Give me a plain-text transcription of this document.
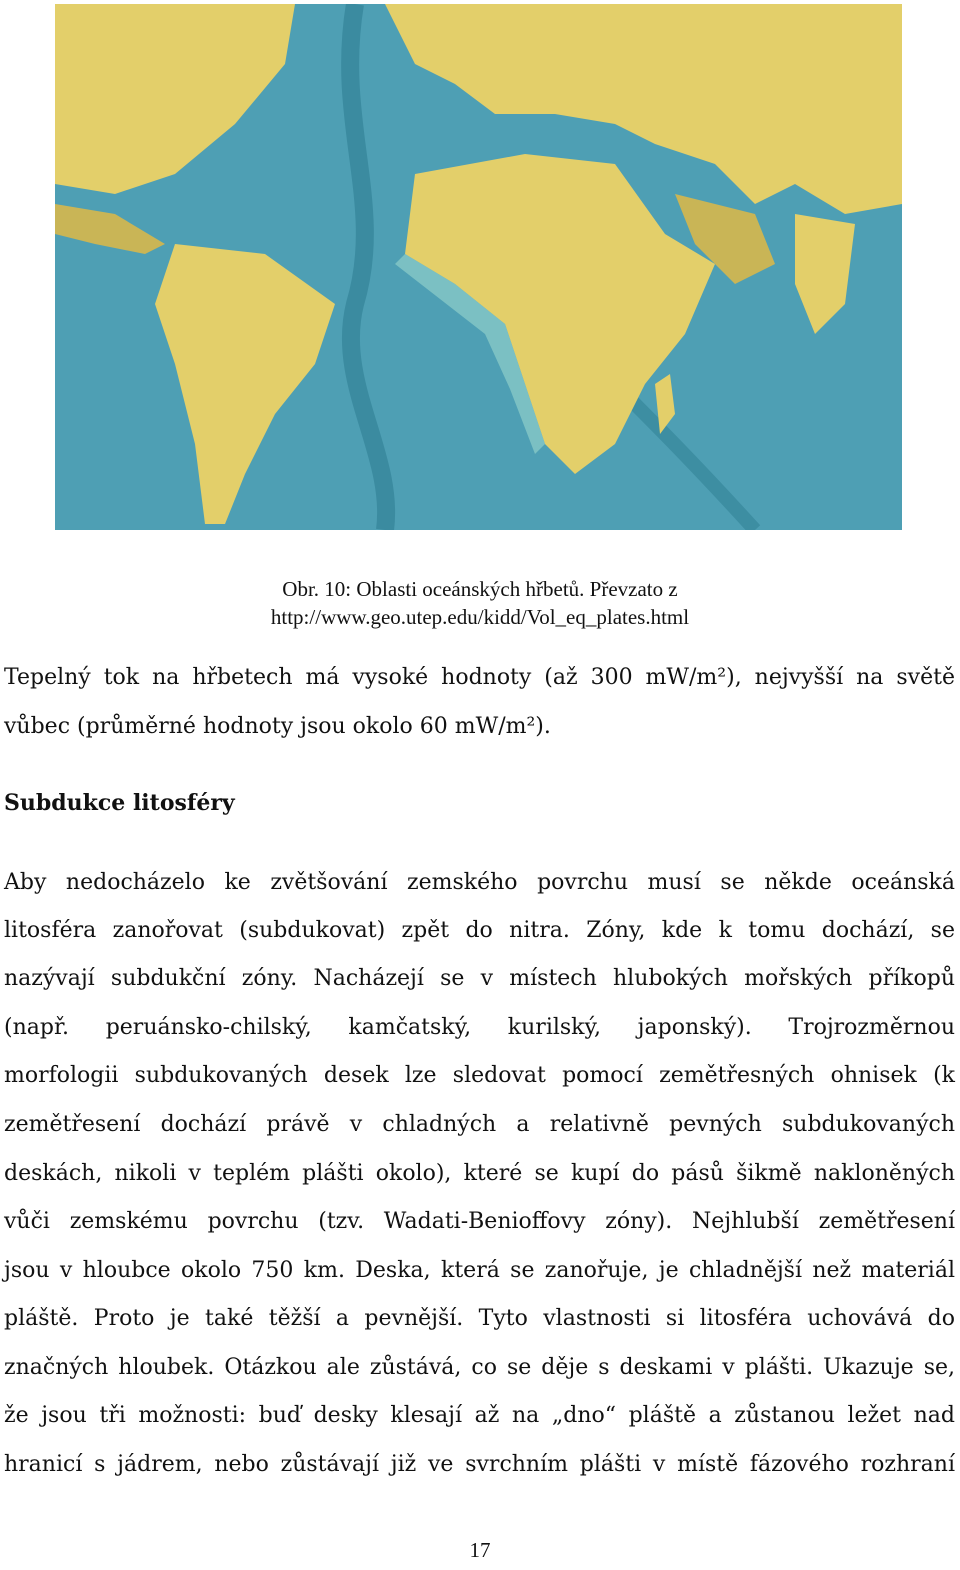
Obr. 10: Oblasti oceánských hřbetů. Převzato z
http://www.geo.utep.edu/kidd/Vol_eq_plates.html
Tepelný tok na hřbetech má vysoké hodnoty (až 300 mW/m²), nejvyšší na světě
vůbec (průměrné hodnoty jsou okolo 60 mW/m²).
Subdukce litosféry
Aby nedocházelo ke zvětšování zemského povrchu musí se někde oceánská
litosféra zanořovat (subdukovat) zpět do nitra. Zóny, kde k tomu dochází, se
nazývají subdukční zóny. Nacházejí se v místech hlubokých mořských příkopů
(např. peruánsko-chilský, kamčatský, kurilský, japonský). Trojrozměrnou
morfologii subdukovaných desek lze sledovat pomocí zemětřesných ohnisek (k
zemětřesení dochází právě v chladných a relativně pevných subdukovaných
deskách, nikoli v teplém plášti okolo), které se kupí do pásů šikmě nakloněných
vůči zemskému povrchu (tzv. Wadati-Benioffovy zóny). Nejhlubší zemětřesení
jsou v hloubce okolo 750 km. Deska, která se zanořuje, je chladnější než materiál
pláště. Proto je také těžší a pevnější. Tyto vlastnosti si litosféra uchovává do
značných hloubek. Otázkou ale zůstává, co se děje s deskami v plášti. Ukazuje se,
že jsou tři možnosti: buď desky klesají až na „dno“ pláště a zůstanou ležet nad
hranicí s jádrem, nebo zůstávají již ve svrchním plášti v místě fázového rozhraní
17
